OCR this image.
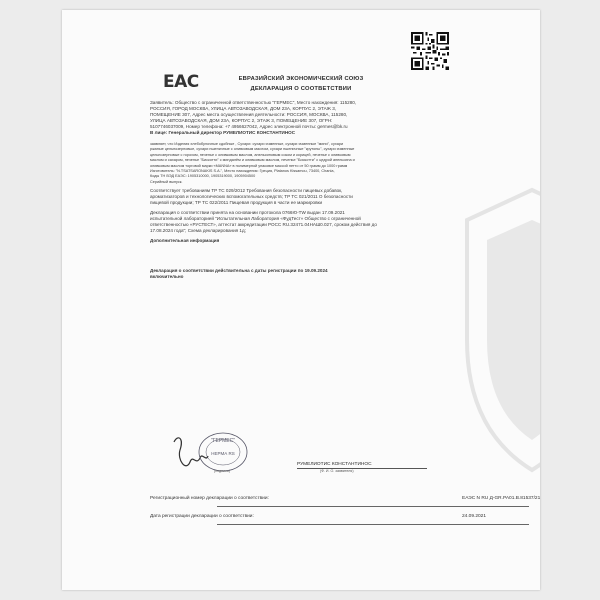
ЕАС	ЕВРАЗИЙСКИЙ ЭКОНОМИЧЕСКИЙ СОЮЗ
ДЕКЛАРАЦИЯ О СООТВЕТСТВИИ
Заявитель: Общество с ограниченной ответственностью "ГЕРМЕС", Место нахождения: 115280,
РОССИЯ, ГОРОД МОСКВА, УЛИЦА АВТОЗАВОДСКАЯ, ДОМ 23А, КОРПУС 2, ЭТАЖ 3,
ПОМЕЩЕНИЕ 307, Адрес места осуществления деятельности: РОССИЯ, МОСКВА, 115280,
УЛИЦА АВТОЗАВОДСКАЯ, ДОМ 23А, КОРПУС 2, ЭТАЖ 3, ПОМЕЩЕНИЕ 307, ОГРН:
5107746037009, Номер телефона: +7 4956627042, Адрес электронной почты: germes@bk.ru
В лице: Генеральный директор РУМЕЛИОТИС КОНСТАНТИНОС
заявляет, что Изделия хлебобулочные сдобные , Сухари: сухари ячменные, сухари ячменные "мини", сухари
ржаные цельнозерновые, сухари пшеничные с оливковым маслом, сухари пшеничные "крутоны", сухари ячменные
цельнозерновые с горохом, печенье с оливковым маслом, апельсиновым соком и корицей, печенье с оливковым
маслом и сахаром, печенье "Бискотти" с миндалём и оливковым маслом, печенье "Бискотти" с цедрой апельсина и
оливковым маслом торговой марки «MANNA» в полимерной упаковке массой нетто от 50 грамм до 1000 грамм
Изготовитель: "N.TSATSARONAKIS S.A.", Место нахождения: Греция, Platanos Kissamou, 73400, Chania,
Коды ТН ВЭД ЕАЭС: 1905310000, 1905319000, 1905904500
Серийный выпуск.
Соответствует требованиям ТР ТС 029/2012 Требования безопасности пищевых добавок,
ароматизаторов и технологических вспомогательных средств; ТР ТС 021/2011 О безопасности
пищевой продукции; ТР ТС 022/2011 Пищевая продукция в части ее маркировки
Декларация о соответствии принята на основании протокола 0766Ю-TW выдан 17.09.2021
испытательной лабораторией "Испытательная Лаборатория «ФудТест» Общество с ограниченной
ответственностью «РУСТЕСТ», аттестат аккредитации РОСС RU.32471.04НАШ0.027, сроком действия до
17.08.2024 года"; Схема декларирования 1д;
Дополнительная информация
Декларация о соответствии действительна с даты регистрации по 19.09.2024
включительно
"ГЕРМЕС"
НЕРМА RS
РУМЕЛИОТИС КОНСТАНТИНОС
(подпись)	(Ф. И. О. заявителя)
Регистрационный номер декларации о соответствии:	ЕАЭС N RU Д-GR.РА01.В.81537/21
Дата регистрации декларации о соответствии:	24.09.2021
